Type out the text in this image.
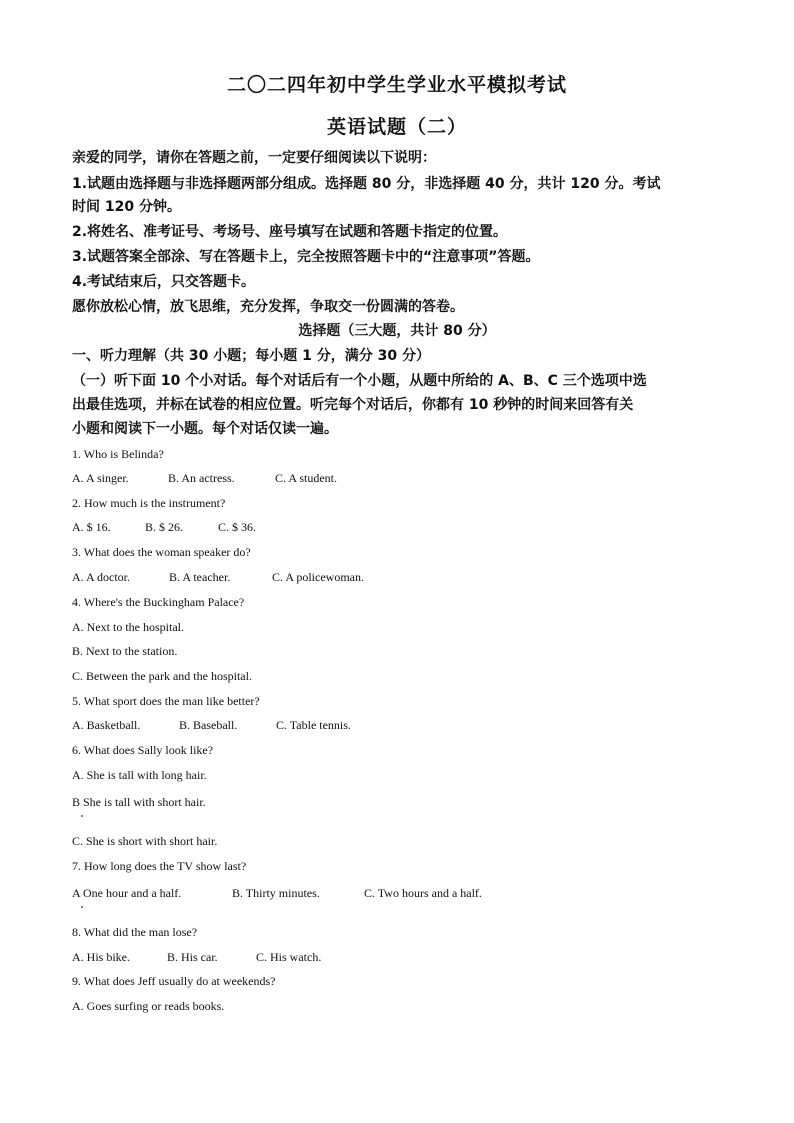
二〇二四年初中学生学业水平模拟考试
英语试题（二）
亲爱的同学，请你在答题之前，一定要仔细阅读以下说明：
1.试题由选择题与非选择题两部分组成。选择题 80 分，非选择题 40 分，共计 120 分。考试
时间 120 分钟。
2.将姓名、准考证号、考场号、座号填写在试题和答题卡指定的位置。
3.试题答案全部涂、写在答题卡上，完全按照答题卡中的“注意事项”答题。
4.考试结束后，只交答题卡。
愿你放松心情，放飞思维，充分发挥，争取交一份圆满的答卷。
选择题（三大题，共计 80 分）
一、听力理解（共 30 小题；每小题 1 分，满分 30 分）
（一）听下面 10 个小对话。每个对话后有一个小题，从题中所给的 A、B、C 三个选项中选
出最佳选项，并标在试卷的相应位置。听完每个对话后，你都有 10 秒钟的时间来回答有关
小题和阅读下一小题。每个对话仅读一遍。
1. Who is Belinda?
A. A singer.	B. An actress.	C. A student.
2. How much is the instrument?
A. $ 16.	B. $ 26.	C. $ 36.
3. What does the woman speaker do?
A. A doctor.	B. A teacher.	C. A policewoman.
4. Where's the Buckingham Palace?
A. Next to the hospital.
B. Next to the station.
C. Between the park and the hospital.
5. What sport does the man like better?
A. Basketball.	B. Baseball.	C. Table tennis.
6. What does Sally look like?
A. She is tall with long hair.
B She is tall with short hair.
C. She is short with short hair.
7. How long does the TV show last?
A One hour and a half.	B. Thirty minutes.	C. Two hours and a half.
8. What did the man lose?
A. His bike.	B. His car.	C. His watch.
9. What does Jeff usually do at weekends?
A. Goes surfing or reads books.
